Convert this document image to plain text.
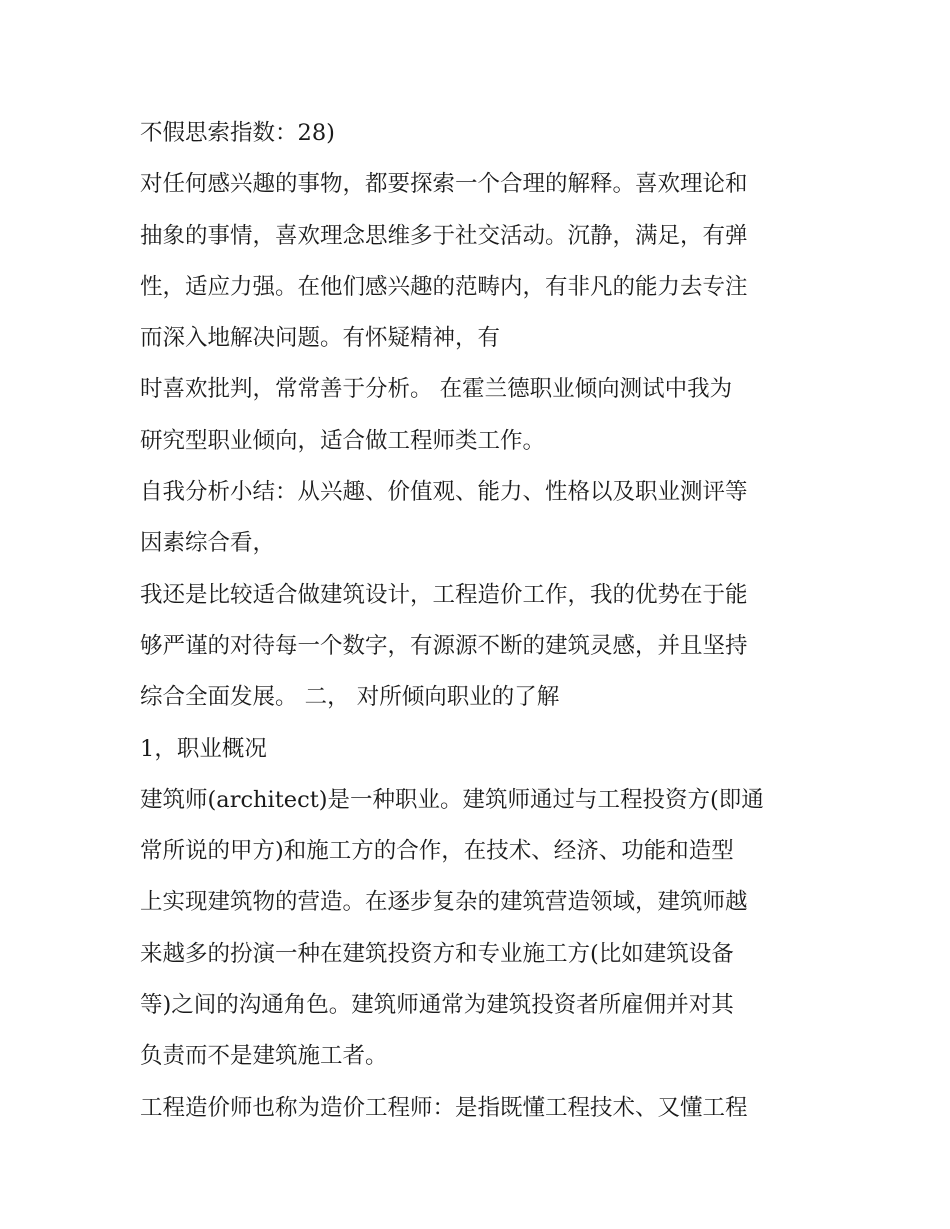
不假思索指数：28)
对任何感兴趣的事物，都要探索一个合理的解释。喜欢理论和
抽象的事情，喜欢理念思维多于社交活动。沉静，满足，有弹
性，适应力强。在他们感兴趣的范畴内，有非凡的能力去专注
而深入地解决问题。有怀疑精神，有
时喜欢批判，常常善于分析。 在霍兰德职业倾向测试中我为
研究型职业倾向，适合做工程师类工作。
自我分析小结：从兴趣、价值观、能力、性格以及职业测评等
因素综合看，
我还是比较适合做建筑设计，工程造价工作，我的优势在于能
够严谨的对待每一个数字，有源源不断的建筑灵感，并且坚持
综合全面发展。 二， 对所倾向职业的了解
1，职业概况
建筑师(architect)是一种职业。建筑师通过与工程投资方(即通
常所说的甲方)和施工方的合作，在技术、经济、功能和造型
上实现建筑物的营造。在逐步复杂的建筑营造领域，建筑师越
来越多的扮演一种在建筑投资方和专业施工方(比如建筑设备
等)之间的沟通角色。建筑师通常为建筑投资者所雇佣并对其
负责而不是建筑施工者。
工程造价师也称为造价工程师：是指既懂工程技术、又懂工程
